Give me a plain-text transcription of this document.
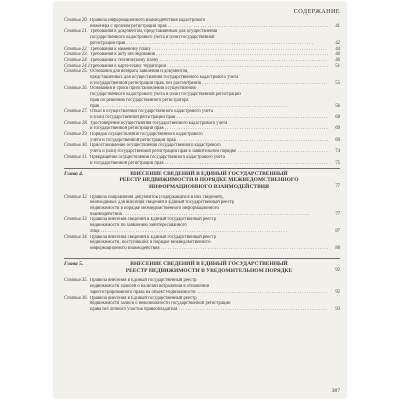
СОДЕРЖАНИЕ
Статья 20. Правила информационного взаимодействия кадастрового
инженера с органом регистрации прав . . .	41
Статья 21. Требования к документам, представляемым для осуществления
государственного кадастрового учета и (или) государственной
регистрации прав . . .	42
Статья 22. Требования к межевому плану . . .	44
Статья 23. Требования к акту обследования . . .	46
Статья 24. Требования к техническому плану . . .	46
Статья 24.1.
Требования к карте-плану территории . . .	51
Статья 25. Основания для возврата заявления и документов,
представленных для осуществления государственного кадастрового учета
и государственной регистрации прав, без рассмотрения . . .	55
Статья 26. Основания и сроки приостановления осуществления
государственного кадастрового учета и (или) государственной регистрации
прав по решению государственного регистратора
прав . . .	56
Статья 27. Отказ в осуществлении государственного кадастрового учета
и (или) государственной регистрации прав . . .	68
Статья 28. Удостоверение осуществления государственного кадастрового учета
и государственной регистрации прав . . .	69
Статья 29. Порядок осуществления государственного кадастрового
учета и государственной регистрации прав . . .	69
Статья 30. Приостановление осуществления государственного кадастрового
учета и (или) государственной регистрации прав в заявительном порядке . . .	74
Статья 31. Прекращение осуществления государственного кадастрового учета
и государственной регистрации прав . . .	75
Глава 4.	ВНЕСЕНИЕ СВЕДЕНИЙ В ЕДИНЫЙ ГОСУДАРСТВЕННЫЙ
РЕЕСТР НЕДВИЖИМОСТИ В ПОРЯДКЕ МЕЖВЕДОМСТВЕННОГО
ИНФОРМАЦИОННОГО ВЗАИМОДЕЙСТВИЯ	77
Статья 32. Правила направления документов (содержащихся в них сведений),
необходимых для внесения сведений в Единый государственный реестр
недвижимости в порядке межведомственного информационного
взаимодействия . . .	77
Статья 33. Правила внесения сведений в Единый государственный реестр
недвижимости по заявлению заинтересованного
лица . . .	87
Статья 34. Правила внесения сведений в Единый государственный реестр
недвижимости, поступивших в порядке межведомственного
информационного взаимодействия . . .	88
Глава 5.	ВНЕСЕНИЕ СВЕДЕНИЙ В ЕДИНЫЙ ГОСУДАРСТВЕННЫЙ
РЕЕСТР НЕДВИЖИМОСТИ В УВЕДОМИТЕЛЬНОМ ПОРЯДКЕ	92
Статья 35. Правила внесения в Единый государственный реестр
недвижимости записей о наличии возражения в отношении
зарегистрированного права на объект недвижимости . . .	92
Статья 36. Правила внесения в Единый государственный реестр
недвижимости записи о невозможности государственной регистрации
права без личного участия правообладателя . . .	93
387
